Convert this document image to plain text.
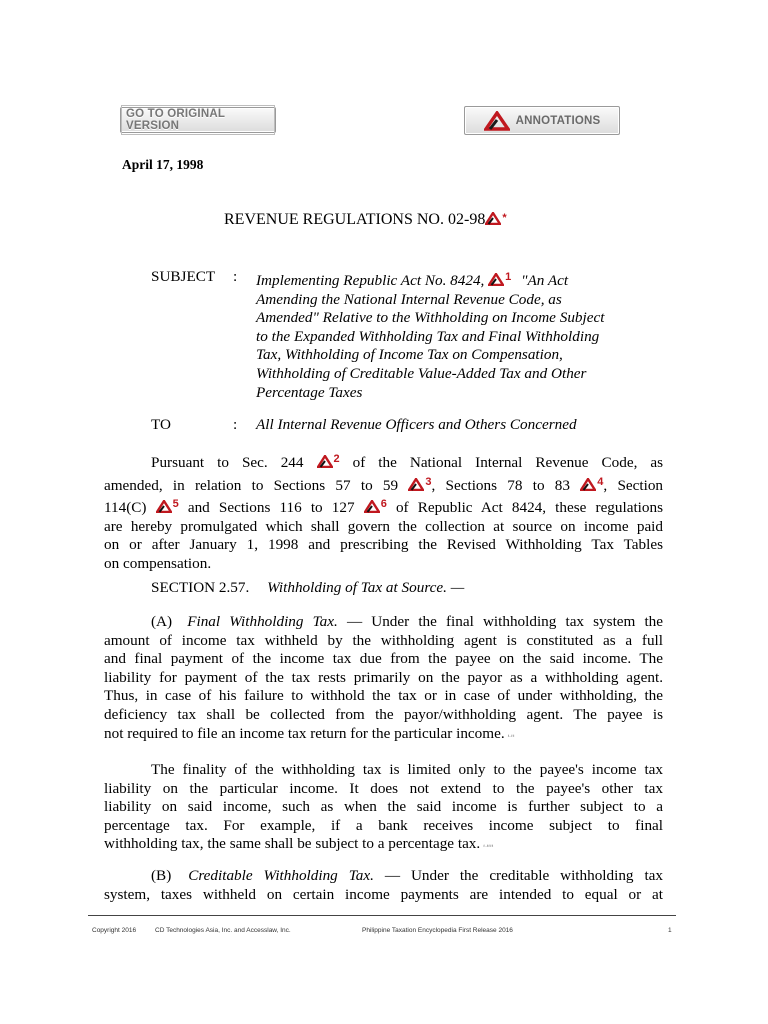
GO TO ORIGINAL VERSION	ANNOTATIONS
April 17, 1998
REVENUE REGULATIONS NO. 02-98 *
SUBJECT : Implementing Republic Act No. 8424, $^1$ "An Act
Amending the National Internal Revenue Code, as
Amended" Relative to the Withholding on Income Subject
to the Expanded Withholding Tax and Final Withholding
Tax, Withholding of Income Tax on Compensation,
Withholding of Creditable Value-Added Tax and Other
Percentage Taxes
TO	: All Internal Revenue Officers and Others Concerned
Pursuant to Sec. 244	$^2$ of the National Internal Revenue Code, as
amended, in relation to Sections 57 to 59 $^3$, Sections 78 to 83 $^4$, Section
114(C) $^5$ and Sections 116 to 127 $^6$ of Republic Act 8424, these regulations
are hereby promulgated which shall govern the collection at source on income paid
on or after January 1, 1998 and prescribing the Revised Withholding Tax Tables
on compensation.
SECTION 2.57. Withholding of Tax at Source. —
(A) Final Withholding Tax. — Under the final withholding tax system the
amount of income tax withheld by the withholding agent is constituted as a full
and final payment of the income tax due from the payee on the said income. The
liability for payment of the tax rests primarily on the payor as a withholding agent.
Thus, in case of his failure to withhold the tax or in case of under withholding, the
deficiency tax shall be collected from the payor/withholding agent. The payee is
not required to file an income tax return for the particular income. ℓ..ℓℓ
The finality of the withholding tax is limited only to the payee's income tax
liability on the particular income. It does not extend to the payee's other tax
liability on said income, such as when the said income is further subject to a
percentage tax. For example, if a bank receives income subject to final
withholding tax, the same shall be subject to a percentage tax. ℓ..ℓℓℓℓ
(B) Creditable Withholding Tax. — Under the creditable withholding tax
system, taxes withheld on certain income payments are intended to equal or at
Copyright 2016	CD Technologies Asia, Inc. and Accesslaw, Inc.	Philippine Taxation Encyclopedia First Release 2016	1
